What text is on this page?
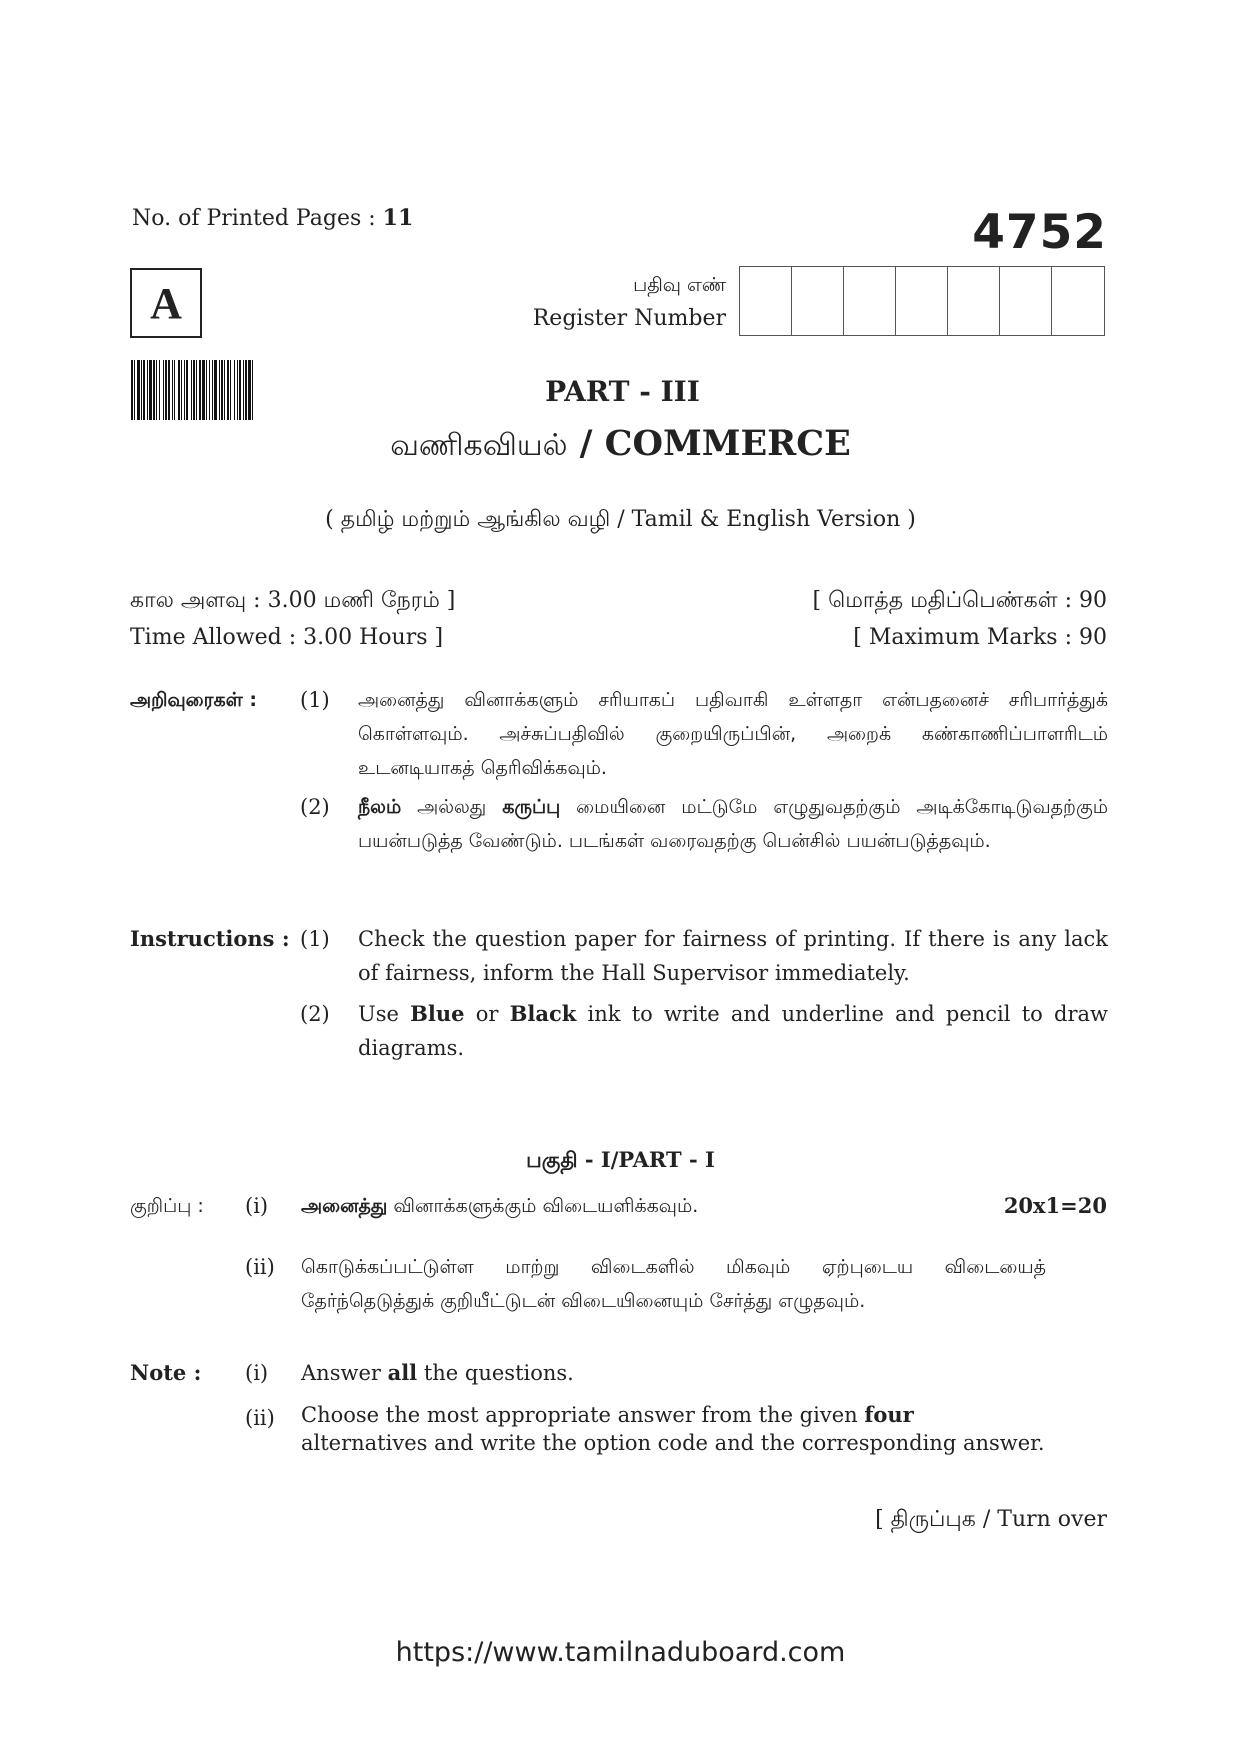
No. of Printed Pages : 11	4752
A	பதிவு எண்
Register Number
PART - III
வணிகவியல் / COMMERCE
( தமிழ் மற்றும் ஆங்கில வழி / Tamil & English Version )
கால அளவு : 3.00 மணி நேரம் ]
Time Allowed : 3.00 Hours ]
[ மொத்த மதிப்பெண்கள் : 90
[ Maximum Marks : 90
அறிவுரைகள் : (1) அனைத்து வினாக்களும் சரியாகப் பதிவாகி உள்ளதா என்பதனைச் சரிபார்த்துக் கொள்ளவும். அச்சுப்பதிவில் குறையிருப்பின், அறைக் கண்காணிப்பாளரிடம் உடனடியாகத் தெரிவிக்கவும்.
(2) நீலம் அல்லது கருப்பு மையினை மட்டுமே எழுதுவதற்கும் அடிக்கோடிடுவதற்கும் பயன்படுத்த வேண்டும். படங்கள் வரைவதற்கு பென்சில் பயன்படுத்தவும்.
Instructions : (1) Check the question paper for fairness of printing. If there is any lack of fairness, inform the Hall Supervisor immediately.
(2) Use Blue or Black ink to write and underline and pencil to draw diagrams.
பகுதி - I/PART - I
20x1=20
குறிப்பு : (i) அனைத்து வினாக்களுக்கும் விடையளிக்கவும்.
(ii) கொடுக்கப்பட்டுள்ள மாற்று விடைகளில் மிகவும் ஏற்புடைய விடையைத் தேர்ந்தெடுத்துக் குறியீட்டுடன் விடையினையும் சேர்த்து எழுதவும்.
Note : (i) Answer all the questions.
(ii) Choose the most appropriate answer from the given four alternatives and write the option code and the corresponding answer.
[ திருப்புக / Turn over
https://www.tamilnaduboard.com
